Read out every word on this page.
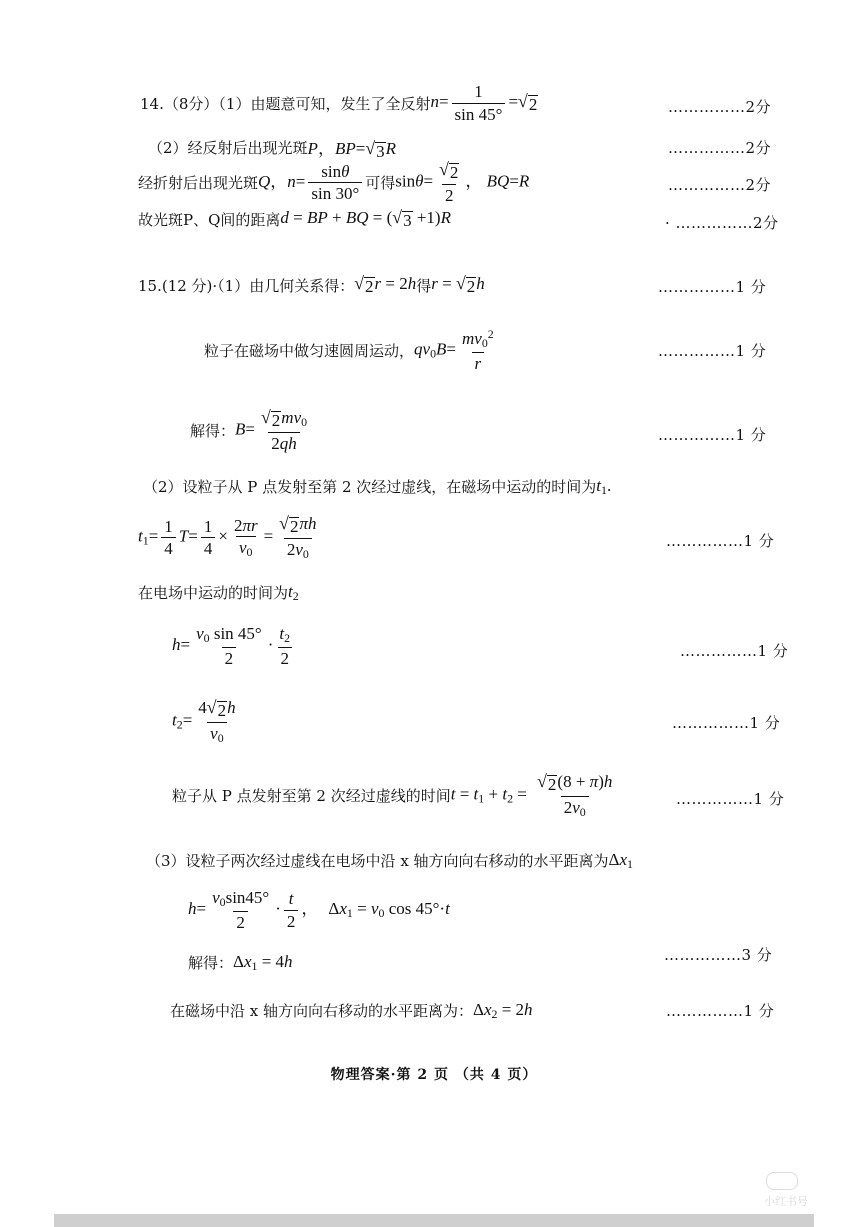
14.（8分）（1）由题意可知，发生了全反射 $n= \frac{1}{\sin 45^\circ}$ = √ 2	……………2分
（2）经反射后出现光斑 P，BP= √ 3 R	……………2分
经折射后出现光斑 Q，$n= \frac{\sin\theta}{\sin 30^\circ}$ 可得 $\sin\theta= \frac{√ 2}{2}$ ， BQ=R	……………2分
故光斑P、Q间的距离 d = BP + BQ = ( √ 3 +1)R	· ……………2分
15.(12 分)·（1）由几何关系得： √ 2 r = 2h 得 r = √ 2 h	……………1 分
粒子在磁场中做匀速圆周运动， $qv_0B= \frac{mv_0^2}{r}$	……………1 分
解得： $B= \frac{√ 2 mv_0}{2qh}$	……………1 分
（2）设粒子从 P 点发射至第 2 次经过虚线，在磁场中运动的时间为 $t_1$.
$t_1= \frac{1}{4} T= \frac{1}{4} \times \frac{2\pi r}{v_0} = \frac{√ 2 \pi h}{2v_0}$	……………1 分
在电场中运动的时间为 $t_2$
$h= \frac{v_0 \sin 45^\circ}{2} \cdot \frac{t_2}{2}$	……………1 分
$t_2= \frac{4 √ 2 h}{v_0}$	……………1 分
粒子从 P 点发射至第 2 次经过虚线的时间 $t = t_1 + t_2 = \frac{√ 2 (8 + \pi)h}{2v_0}$	……………1 分
（3）设粒子两次经过虚线在电场中沿 x 轴方向向右移动的水平距离为 $\Delta x_1$
$h= \frac{v_0\sin 45^\circ}{2} \cdot \frac{t}{2}$ ， $\Delta x_1 = v_0$ cos 45°·t
解得： $\Delta x_1 = 4h$	……………3 分
在磁场中沿 x 轴方向向右移动的水平距离为： $\Delta x_2 = 2h$	……………1 分
物理答案·第 2 页 （共 4 页）
小红书号
